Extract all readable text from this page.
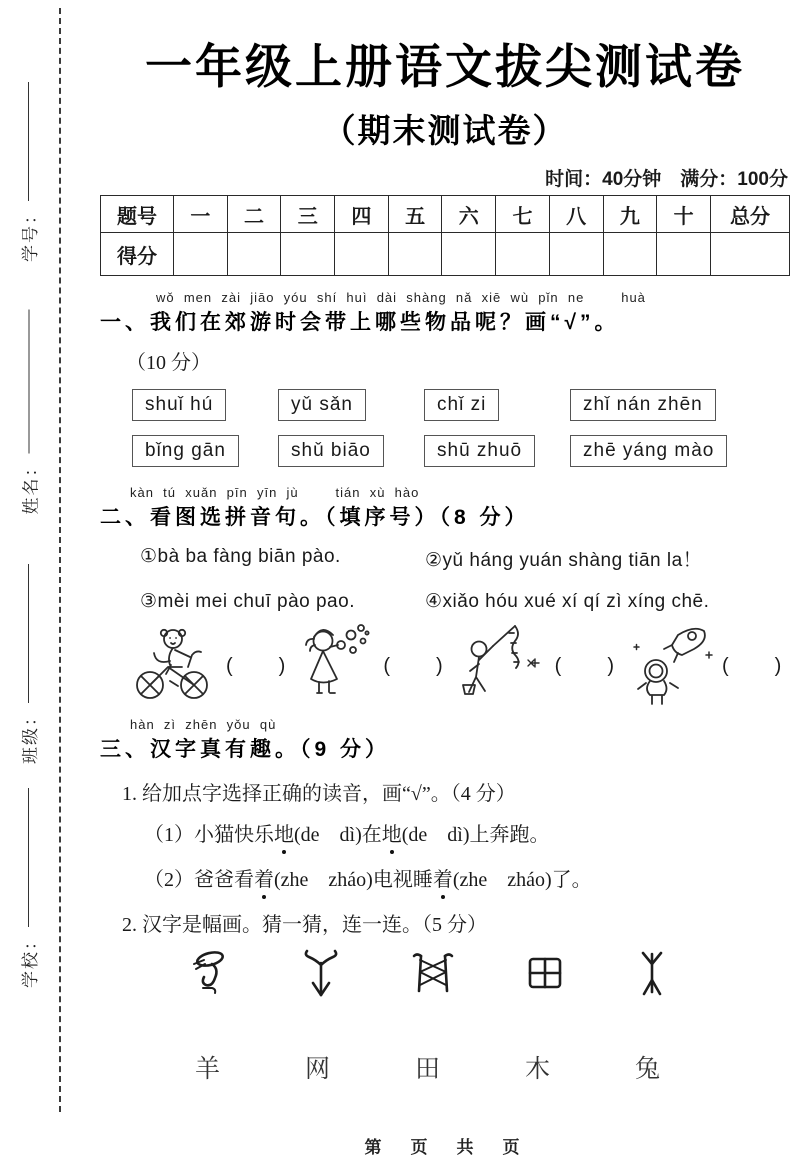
学号：
姓名：
班级：
学校：
一年级上册语文拔尖测试卷
（期末测试卷）
时间：40分钟　满分：100分
题号	一	二	三	四	五	六	七	八	九	十	总分
得分											
wǒ  men  zài  jiāo  yóu  shí  huì  dài  shàng  nǎ  xiē  wù  pǐn  ne        huà
一、我们在郊游时会带上哪些物品呢？画“√”。
（10 分）
shuǐ hú	yǔ sǎn	chǐ zi	zhǐ nán zhēn
bǐng gān	shǔ biāo	shū zhuō	zhē yáng mào
kàn  tú  xuǎn  pīn  yīn  jù        tián  xù  hào
二、看图选拼音句。（填序号）（8 分）
①bà ba fàng biān pào.	②yǔ háng yuán shàng tiān la！
③mèi mei chuī pào pao.	④xiǎo hóu xué xí qí zì xíng chē.
(　　)	(　　)	(　　)	(　　)
hàn  zì  zhēn  yǒu  qù
三、汉字真有趣。（9 分）
1. 给加点字选择正确的读音，画“√”。（4 分）
（1）小猫快乐地(de　dì)在地(de　dì)上奔跑。
（2）爸爸看着(zhe　zháo)电视睡着(zhe　zháo)了。
2. 汉字是幅画。猜一猜，连一连。（5 分）
羊	网	田	木	兔
第　页　共　页
